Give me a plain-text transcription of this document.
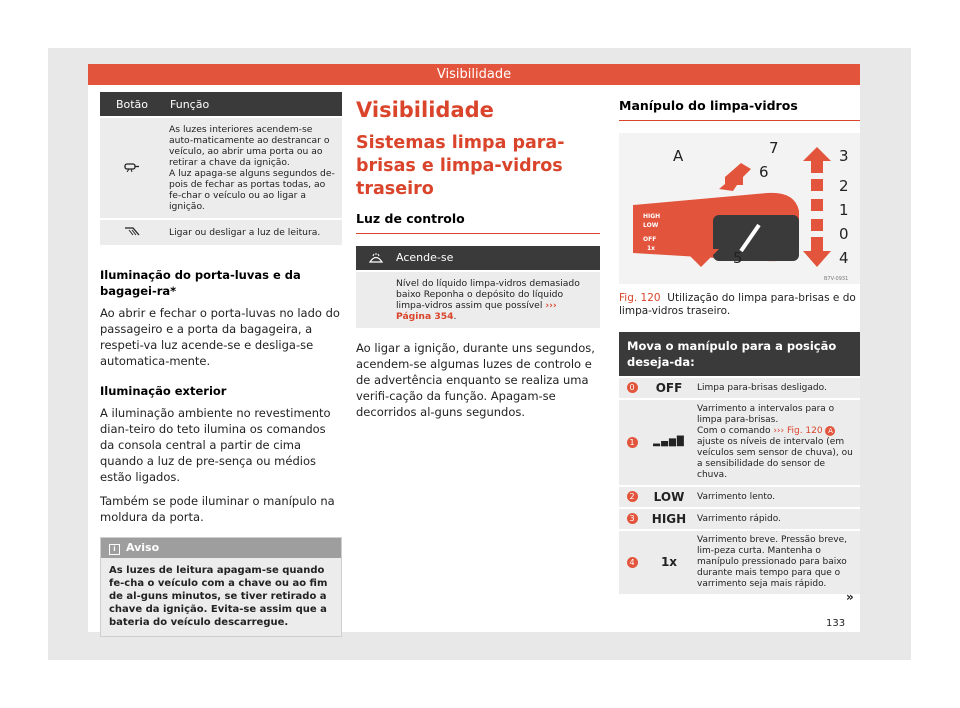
Visibilidade
Botão	Função
	As luzes interiores acendem-se auto-maticamente ao destrancar o veículo, ao abrir uma porta ou ao retirar a chave da ignição.
A luz apaga-se alguns segundos de-pois de fechar as portas todas, ao fe-char o veículo ou ao ligar a ignição.
	Ligar ou desligar a luz de leitura.
Iluminação do porta-luvas e da bagagei-ra*

Ao abrir e fechar o porta-luvas no lado do passageiro e a porta da bagageira, a respeti-va luz acende-se e desliga-se automatica-mente.

Iluminação exterior

A iluminação ambiente no revestimento dian-teiro do teto ilumina os comandos da consola central a partir de cima quando a luz de pre-sença ou médios estão ligados.

Também se pode iluminar o manípulo na moldura da porta.

i Aviso
As luzes de leitura apagam-se quando fe-cha o veículo com a chave ou ao fim de al-guns minutos, se tiver retirado a chave da ignição. Evita-se assim que a bateria do veículo descarregue.
Visibilidade
Sistemas limpa para-brisas e limpa-vidros traseiro
Luz de controlo
Acende-se
Nível do líquido limpa-vidros demasiado baixo Reponha o depósito do líquido limpa-vidros assim que possível ››› Página 354.

Ao ligar a ignição, durante uns segundos, acendem-se algumas luzes de controlo e de advertência enquanto se realiza uma verifi-cação da função. Apagam-se decorridos al-guns segundos.

Manípulo do limpa-vidros
HIGH
LOW
OFF
1x
A	7
6
3
2
1
0
4
5
B7V-0931
Fig. 120 Utilização do limpa para-brisas e do limpa-vidros traseiro.
Mova o manípulo para a posição deseja-da:
0	OFF	Limpa para-brisas desligado.
1	▂▄▆█	Varrimento a intervalos para o limpa para-brisas.
Com o comando ››› Fig. 120 A ajuste os níveis de intervalo (em veículos sem sensor de chuva), ou a sensibilidade do sensor de chuva.
2	LOW	Varrimento lento.
3	HIGH	Varrimento rápido.
4	1x	Varrimento breve. Pressão breve, lim-peza curta. Mantenha o manípulo pressionado para baixo durante mais tempo para que o varrimento seja mais rápido.
»
133
